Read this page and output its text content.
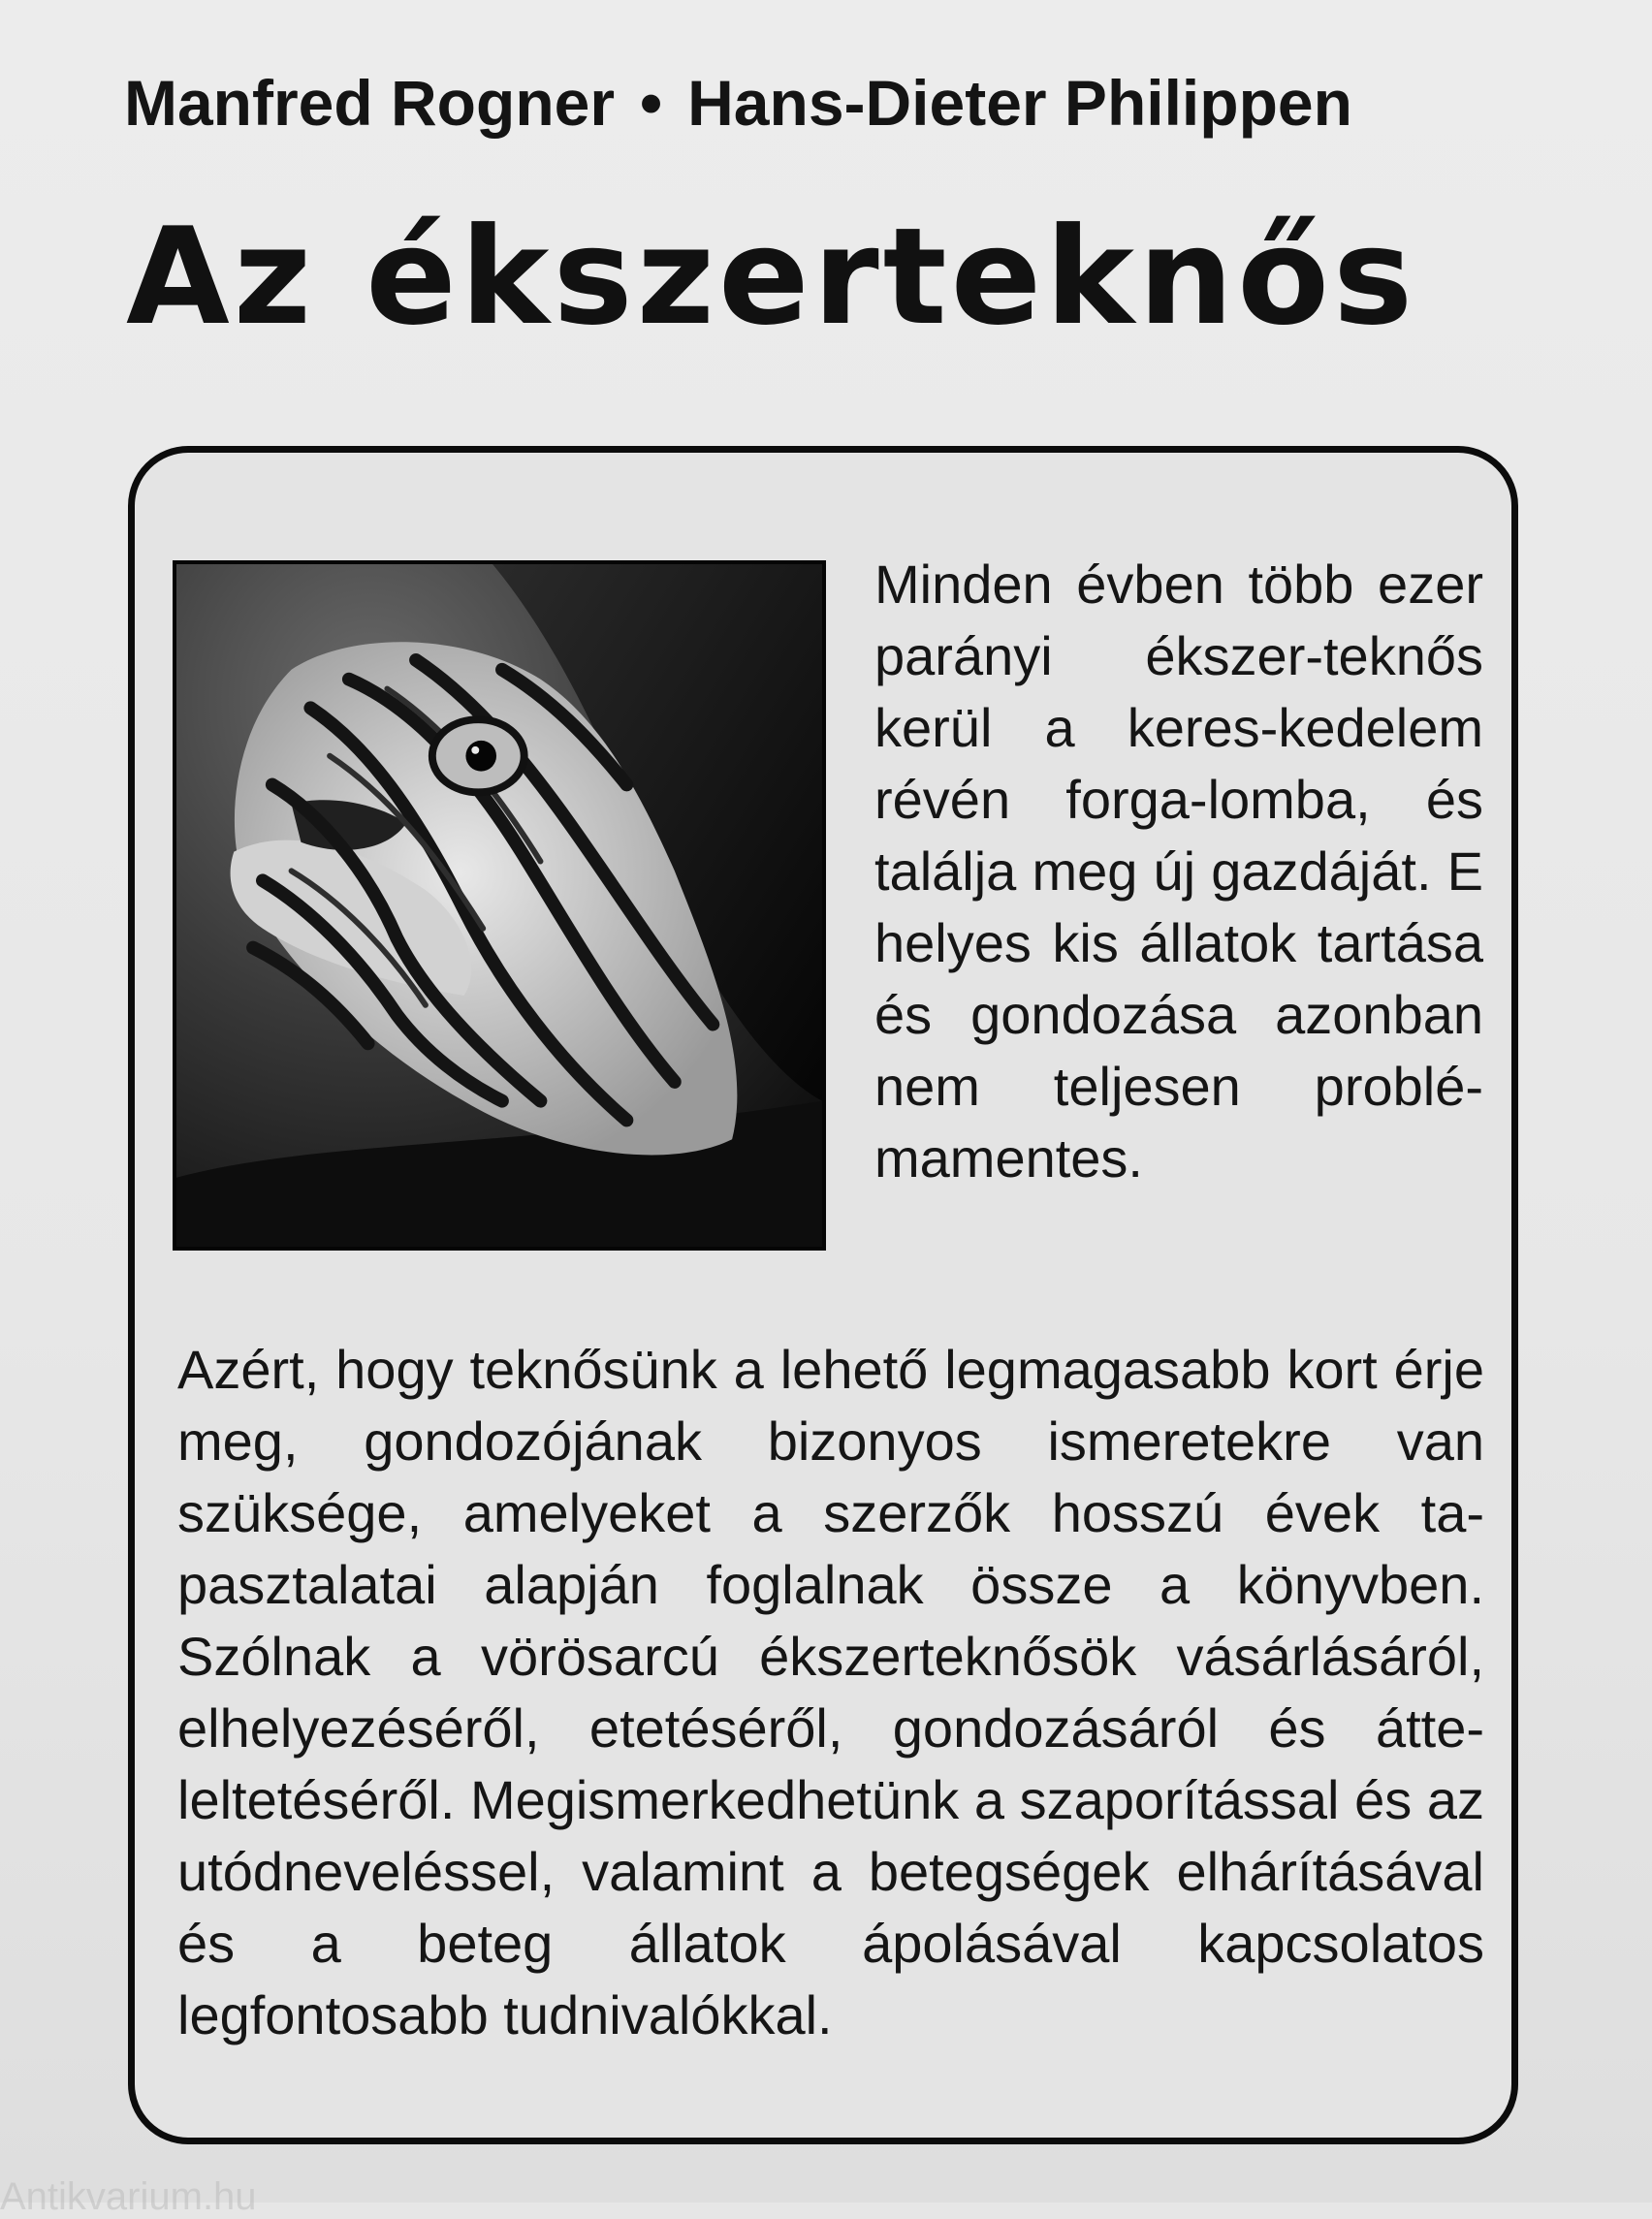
Manfred Rogner • Hans-Dieter Philippen
Az ékszerteknős
Minden évben több ezer parányi ékszer-teknős kerül a keres-kedelem révén forga-lomba, és találja meg új gazdáját. E helyes kis állatok tartása és gondozása azonban nem teljesen problé-mamentes.
Azért, hogy teknősünk a lehető legmagasabb kort érje meg, gondozójának bizonyos ismeretekre van szüksége, amelyeket a szerzők hosszú évek ta-pasztalatai alapján foglalnak össze a könyvben. Szólnak a vörösarcú ékszerteknősök vásárlásáról, elhelyezéséről, etetéséről, gondozásáról és átte-leltetéséről. Megismerkedhetünk a szaporítással és az utódneveléssel, valamint a betegségek elhárításával és a beteg állatok ápolásával kapcsolatos legfontosabb tudnivalókkal.
Antikvarium.hu
